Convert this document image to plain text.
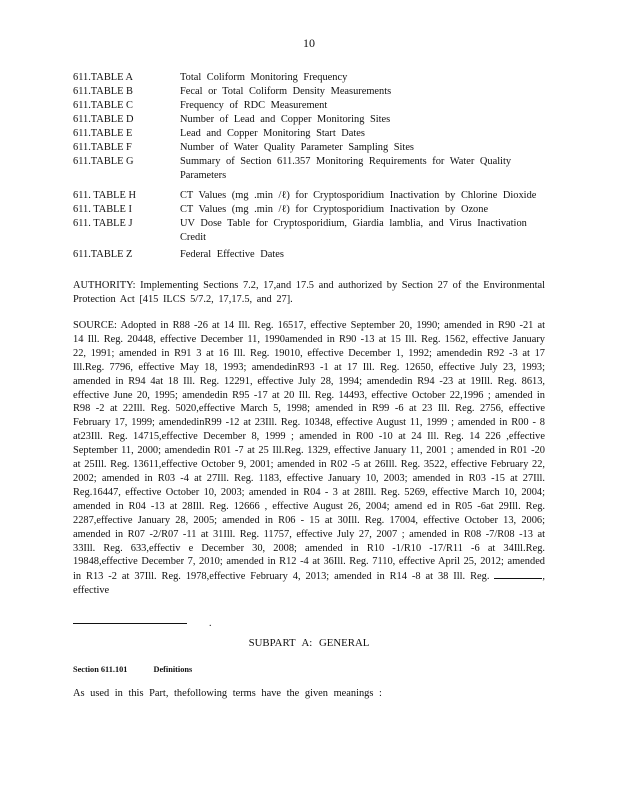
10
611.TABLE A	Total Coliform Monitoring Frequency
611.TABLE B	Fecal or Total Coliform Density Measurements
611.TABLE C	Frequency of RDC Measurement
611.TABLE D	Number of Lead and Copper Monitoring Sites
611.TABLE E	Lead and Copper Monitoring Start Dates
611.TABLE F	Number of Water Quality Parameter Sampling Sites
611.TABLE G	Summary of Section 611.357 Monitoring Requirements for Water Quality Parameters
611. TABLE H	CT Values (mg .min /ℓ) for Cryptosporidium Inactivation by Chlorine Dioxide
611. TABLE I	CT Values (mg .min /ℓ) for Cryptosporidium Inactivation by Ozone
611. TABLE J	UV Dose Table for Cryptosporidium, Giardia lamblia, and Virus Inactivation Credit
611.TABLE Z	Federal Effective Dates
AUTHORITY: Implementing Sections 7.2, 17,and 17.5 and authorized by Section 27 of the Environmental Protection Act [415 ILCS 5/7.2, 17,17.5, and 27].
SOURCE: Adopted in R88 -26 at 14 Ill. Reg. 16517, effective September 20, 1990; amended in R90 -21 at 14 Ill. Reg. 20448, effective December 11, 1990amended in R90 -13 at 15 Ill. Reg. 1562, effective January 22, 1991; amended in R91 3 at 16 Ill. Reg. 19010, effective December 1, 1992; amendedin R92 -3 at 17 Ill.Reg. 7796, effective May 18, 1993; amendedinR93 -1 at 17 Ill. Reg. 12650, effective July 23, 1993; amended in R94 4at 18 Ill. Reg. 12291, effective July 28, 1994; amendedin R94 -23 at 19Ill. Reg. 8613, effective June 20, 1995; amendedin R95 -17 at 20 Ill. Reg. 14493, effective October 22,1996 ; amended in R98 -2 at 22Ill. Reg. 5020,effective March 5, 1998; amended in R99 -6 at 23 Ill. Reg. 2756, effective February 17, 1999; amendedinR99 -12 at 23Ill. Reg. 10348, effective August 11, 1999 ; amended in R00 - 8 at23Ill. Reg. 14715,effective December 8, 1999 ; amended in R00 -10 at 24 Ill. Reg. 14 226 ,effective September 11, 2000; amendedin R01 -7 at 25 Ill.Reg. 1329, effective January 11, 2001 ; amended in R01 -20 at 25Ill. Reg. 13611,effective October 9, 2001; amended in R02 -5 at 26Ill. Reg. 3522, effective February 22, 2002; amended in R03 -4 at 27Ill. Reg. 1183, effective January 10, 2003; amended in R03 -15 at 27Ill. Reg.16447, effective October 10, 2003; amended in R04 - 3 at 28Ill. Reg. 5269, effective March 10, 2004; amended in R04 -13 at 28Ill. Reg. 12666 , effective August 26, 2004; amend ed in R05 -6at 29Ill. Reg. 2287,effective January 28, 2005; amended in R06 - 15 at 30Ill. Reg. 17004, effective October 13, 2006; amended in R07 -2/R07 -11 at 31Ill. Reg. 11757, effective July 27, 2007 ; amended in R08 -7/R08 -13 at 33Ill. Reg. 633,effectiv e December 30, 2008; amended in R10 -1/R10 -17/R11 -6 at 34Ill.Reg. 19848,effective December 7, 2010; amended in R12 -4 at 36Ill. Reg. 7110, effective April 25, 2012; amended in R13 -2 at 37Ill. Reg. 1978,effective February 4, 2013; amended in R14 -8 at 38 Ill. Reg.	, effective
.
SUBPART A: GENERAL
Section 611.101	Definitions
As used in this Part, thefollowing terms have the given meanings :
